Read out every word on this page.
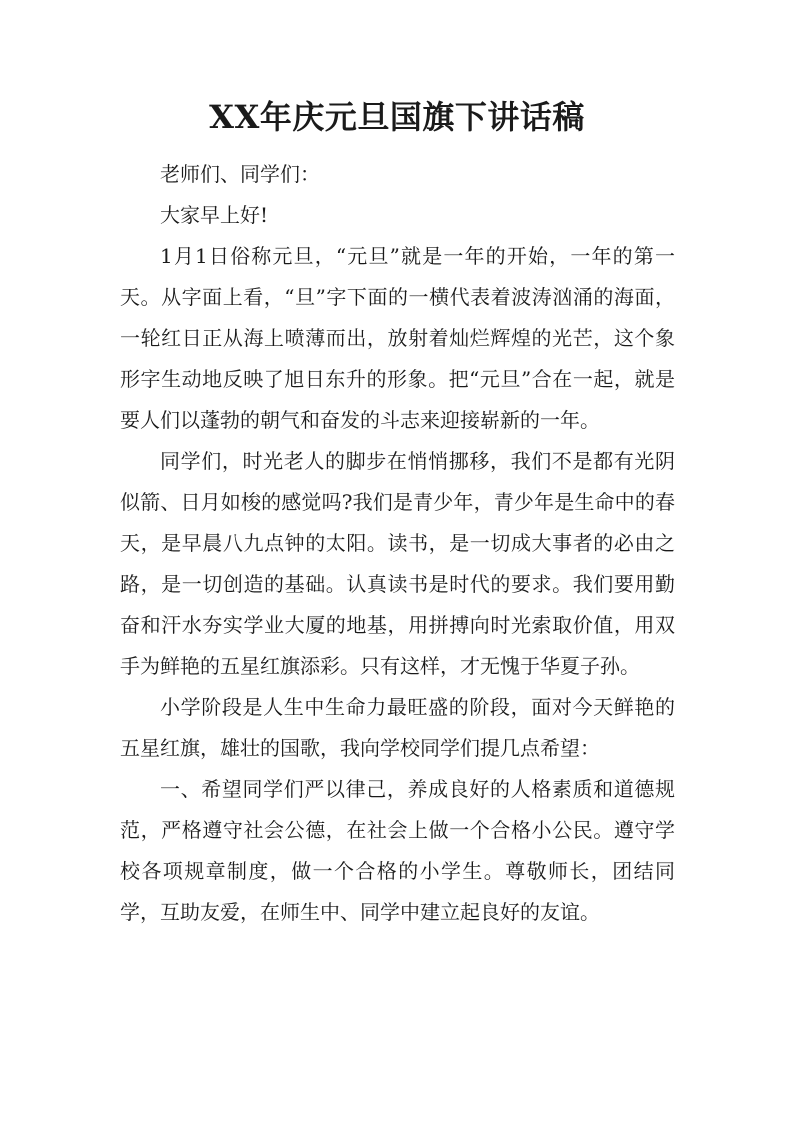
XX年庆元旦国旗下讲话稿

老师们、同学们：

大家早上好!

1月1日俗称元旦，“元旦”就是一年的开始，一年的第一天。从字面上看，“旦”字下面的一横代表着波涛汹涌的海面，一轮红日正从海上喷薄而出，放射着灿烂辉煌的光芒，这个象形字生动地反映了旭日东升的形象。把“元旦”合在一起，就是要人们以蓬勃的朝气和奋发的斗志来迎接崭新的一年。

同学们，时光老人的脚步在悄悄挪移，我们不是都有光阴似箭、日月如梭的感觉吗?我们是青少年，青少年是生命中的春天，是早晨八九点钟的太阳。读书，是一切成大事者的必由之路，是一切创造的基础。认真读书是时代的要求。我们要用勤奋和汗水夯实学业大厦的地基，用拼搏向时光索取价值，用双手为鲜艳的五星红旗添彩。只有这样，才无愧于华夏子孙。

小学阶段是人生中生命力最旺盛的阶段，面对今天鲜艳的五星红旗，雄壮的国歌，我向学校同学们提几点希望：

一、希望同学们严以律己，养成良好的人格素质和道德规范，严格遵守社会公德，在社会上做一个合格小公民。遵守学校各项规章制度，做一个合格的小学生。尊敬师长，团结同学，互助友爱，在师生中、同学中建立起良好的友谊。
